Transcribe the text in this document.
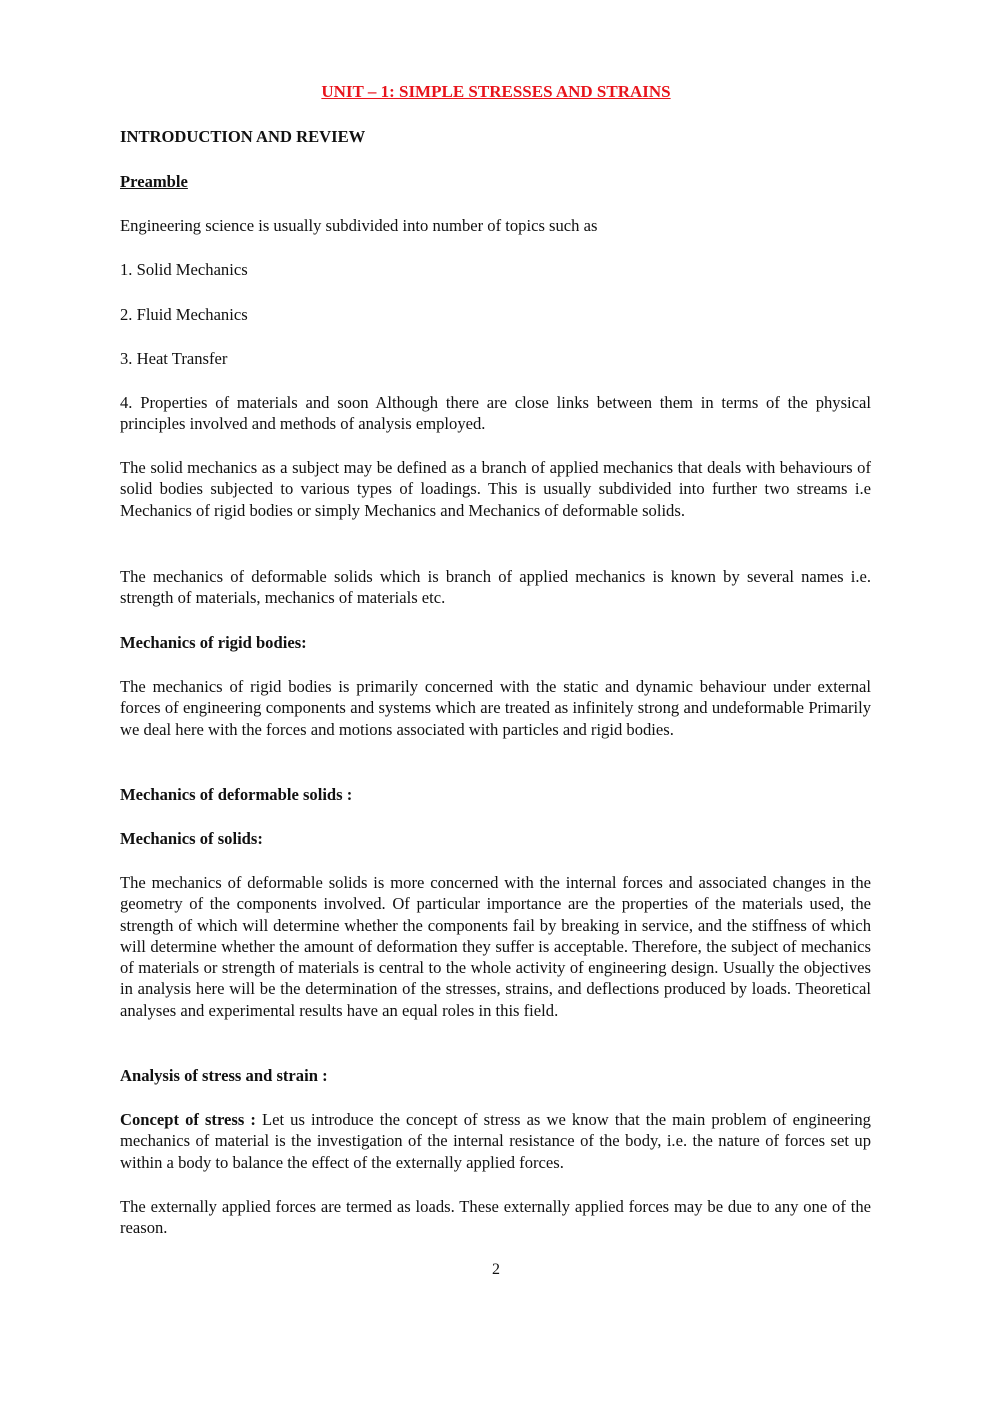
UNIT – 1: SIMPLE STRESSES AND STRAINS
INTRODUCTION AND REVIEW
Preamble
Engineering science is usually subdivided into number of topics such as
1. Solid Mechanics
2. Fluid Mechanics
3. Heat Transfer
4. Properties of materials and soon Although there are close links between them in terms of the physical principles involved and methods of analysis employed.
The solid mechanics as a subject may be defined as a branch of applied mechanics that deals with behaviours of solid bodies subjected to various types of loadings. This is usually subdivided into further two streams i.e Mechanics of rigid bodies or simply Mechanics and Mechanics of deformable solids.
The mechanics of deformable solids which is branch of applied mechanics is known by several names i.e. strength of materials, mechanics of materials etc.
Mechanics of rigid bodies:
The mechanics of rigid bodies is primarily concerned with the static and dynamic behaviour under external forces of engineering components and systems which are treated as infinitely strong and undeformable Primarily we deal here with the forces and motions associated with particles and rigid bodies.
Mechanics of deformable solids :
Mechanics of solids:
The mechanics of deformable solids is more concerned with the internal forces and associated changes in the geometry of the components involved. Of particular importance are the properties of the materials used, the strength of which will determine whether the components fail by breaking in service, and the stiffness of which will determine whether the amount of deformation they suffer is acceptable. Therefore, the subject of mechanics of materials or strength of materials is central to the whole activity of engineering design. Usually the objectives in analysis here will be the determination of the stresses, strains, and deflections produced by loads. Theoretical analyses and experimental results have an equal roles in this field.
Analysis of stress and strain :
Concept of stress : Let us introduce the concept of stress as we know that the main problem of engineering mechanics of material is the investigation of the internal resistance of the body, i.e. the nature of forces set up within a body to balance the effect of the externally applied forces.
The externally applied forces are termed as loads. These externally applied forces may be due to any one of the reason.
2
